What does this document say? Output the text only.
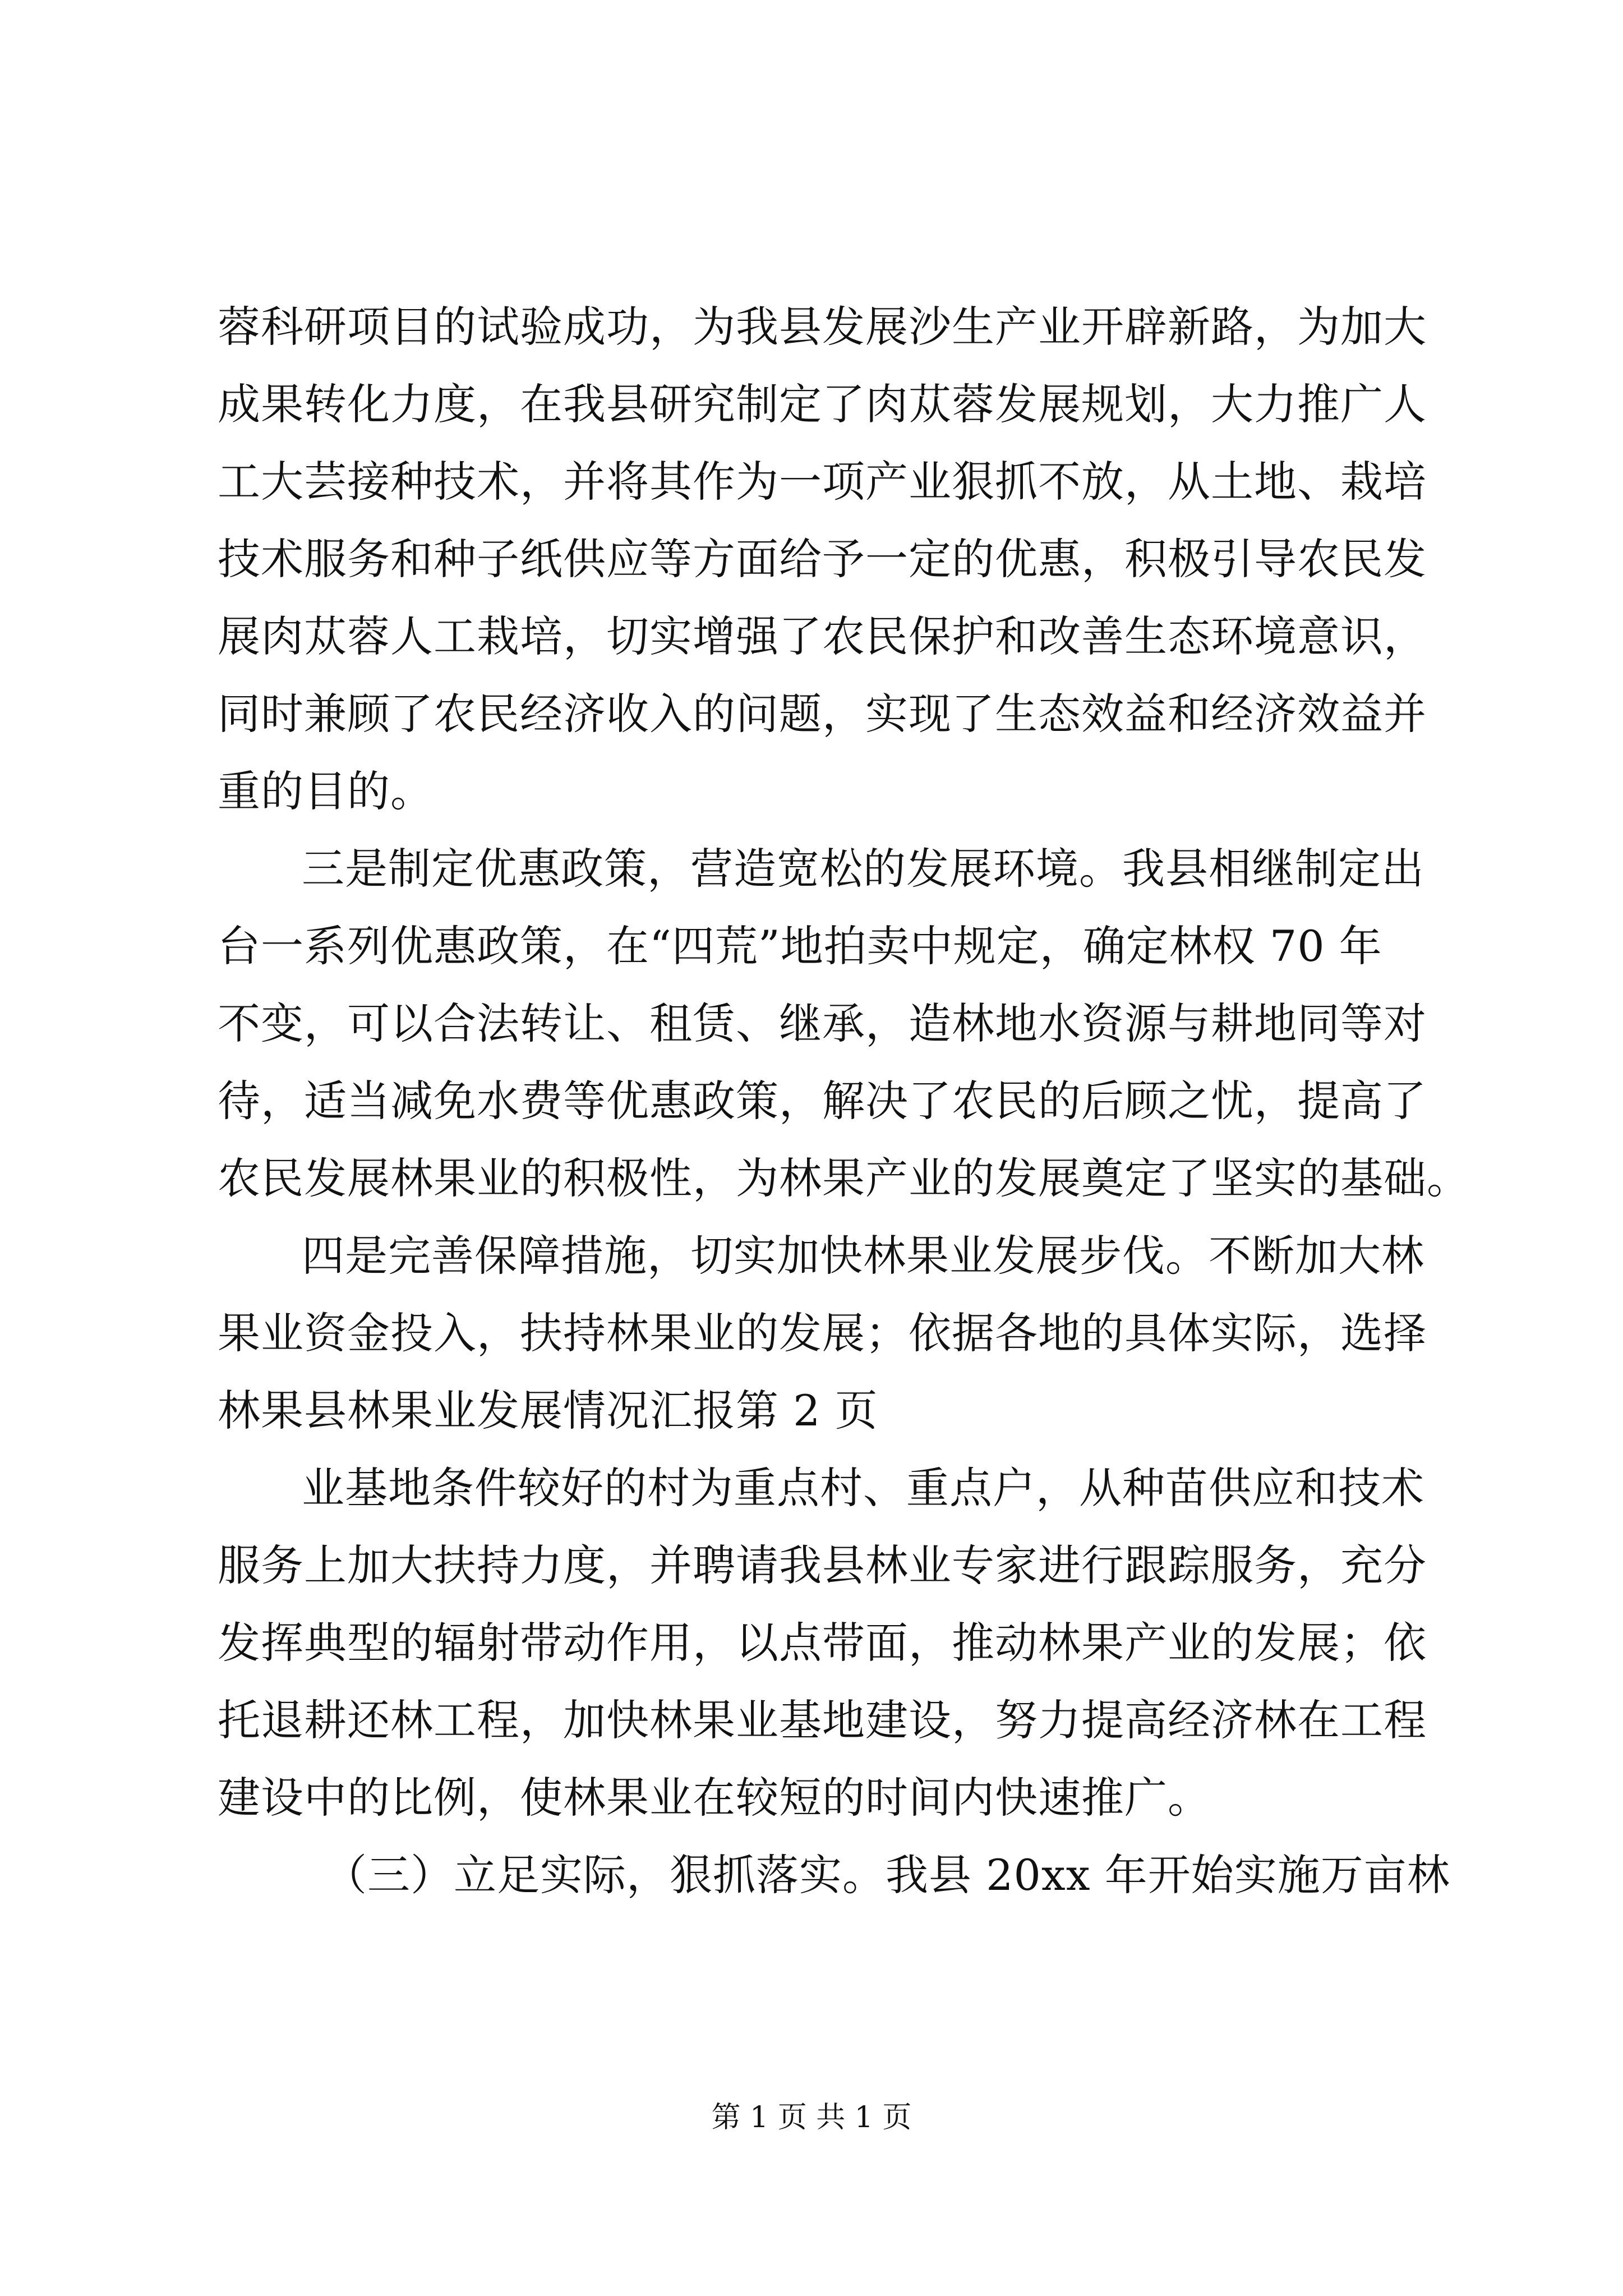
蓉科研项目的试验成功，为我县发展沙生产业开辟新路，为加大
成果转化力度，在我县研究制定了肉苁蓉发展规划，大力推广人
工大芸接种技术，并将其作为一项产业狠抓不放，从土地、栽培
技术服务和种子纸供应等方面给予一定的优惠，积极引导农民发
展肉苁蓉人工栽培，切实增强了农民保护和改善生态环境意识，
同时兼顾了农民经济收入的问题，实现了生态效益和经济效益并
重的目的。
三是制定优惠政策，营造宽松的发展环境。我县相继制定出
台一系列优惠政策，在“四荒”地拍卖中规定，确定林权 70 年
不变，可以合法转让、租赁、继承，造林地水资源与耕地同等对
待，适当减免水费等优惠政策，解决了农民的后顾之忧，提高了
农民发展林果业的积极性，为林果产业的发展奠定了坚实的基础。
四是完善保障措施，切实加快林果业发展步伐。不断加大林
果业资金投入，扶持林果业的发展；依据各地的具体实际，选择
林果县林果业发展情况汇报第 2 页
业基地条件较好的村为重点村、重点户，从种苗供应和技术
服务上加大扶持力度，并聘请我县林业专家进行跟踪服务，充分
发挥典型的辐射带动作用，以点带面，推动林果产业的发展；依
托退耕还林工程，加快林果业基地建设，努力提高经济林在工程
建设中的比例，使林果业在较短的时间内快速推广。
（三）立足实际，狠抓落实。我县 20xx 年开始实施万亩林
第 1 页 共 1 页
